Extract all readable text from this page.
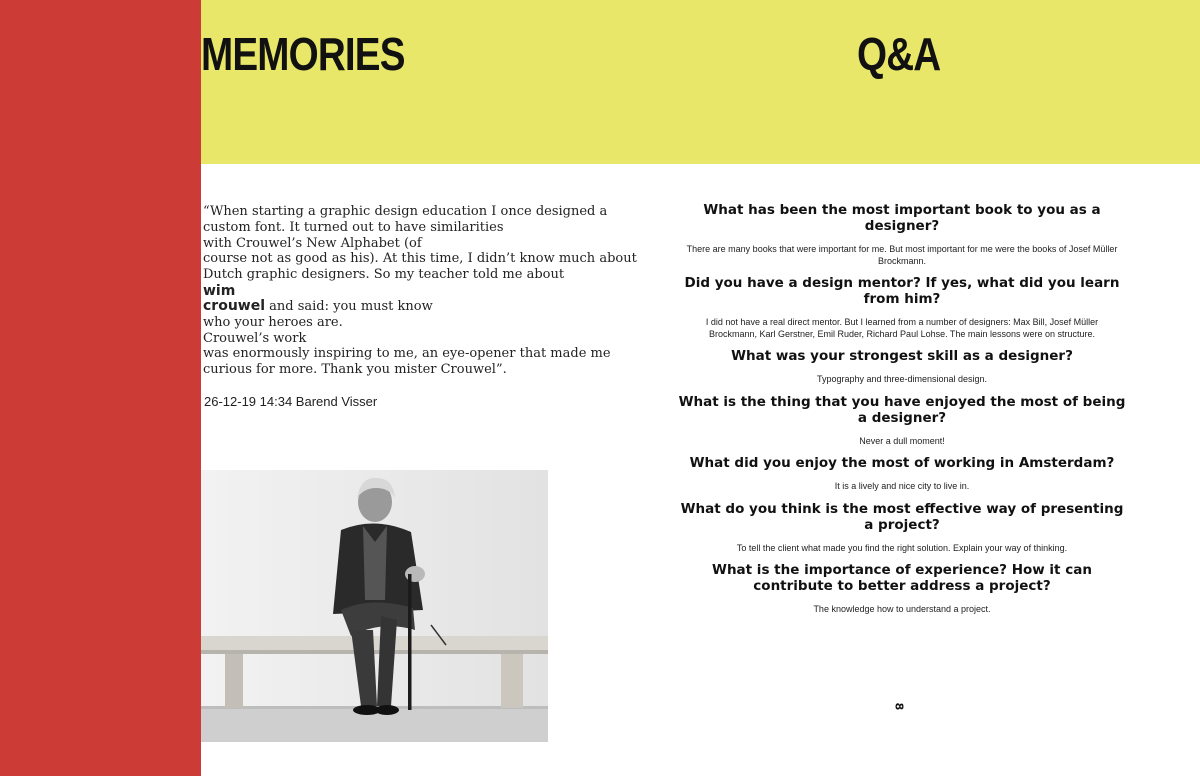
MEMORIES	Q&A
“When starting a graphic design education I once designed a
custom font. It turned out to have similarities
with Crouwel’s New Alphabet (of
course not as good as his). At this time, I didn’t know much about
Dutch graphic designers. So my teacher told me about
wim
crouwel and said: you must know
who your heroes are.
Crouwel’s work
was enormously inspiring to me, an eye-opener that made me
curious for more. Thank you mister Crouwel”.
26-12-19 14:34 Barend Visser
What has been the most important book to you as a designer?
There are many books that were important for me. But most important for me were the books of Josef Müller Brockmann.
Did you have a design mentor? If yes, what did you learn from him?
I did not have a real direct mentor. But I learned from a number of designers: Max Bill, Josef Müller Brockmann, Karl Gerstner, Emil Ruder, Richard Paul Lohse. The main lessons were on structure.
What was your strongest skill as a designer?
Typography and three-dimensional design.
What is the thing that you have enjoyed the most of being a designer?
Never a dull moment!
What did you enjoy the most of working in Amsterdam?
It is a lively and nice city to live in.
What do you think is the most effective way of presenting a project?
To tell the client what made you find the right solution. Explain your way of thinking.
What is the importance of experience? How it can contribute to better address a project?
The knowledge how to understand a project.
8
